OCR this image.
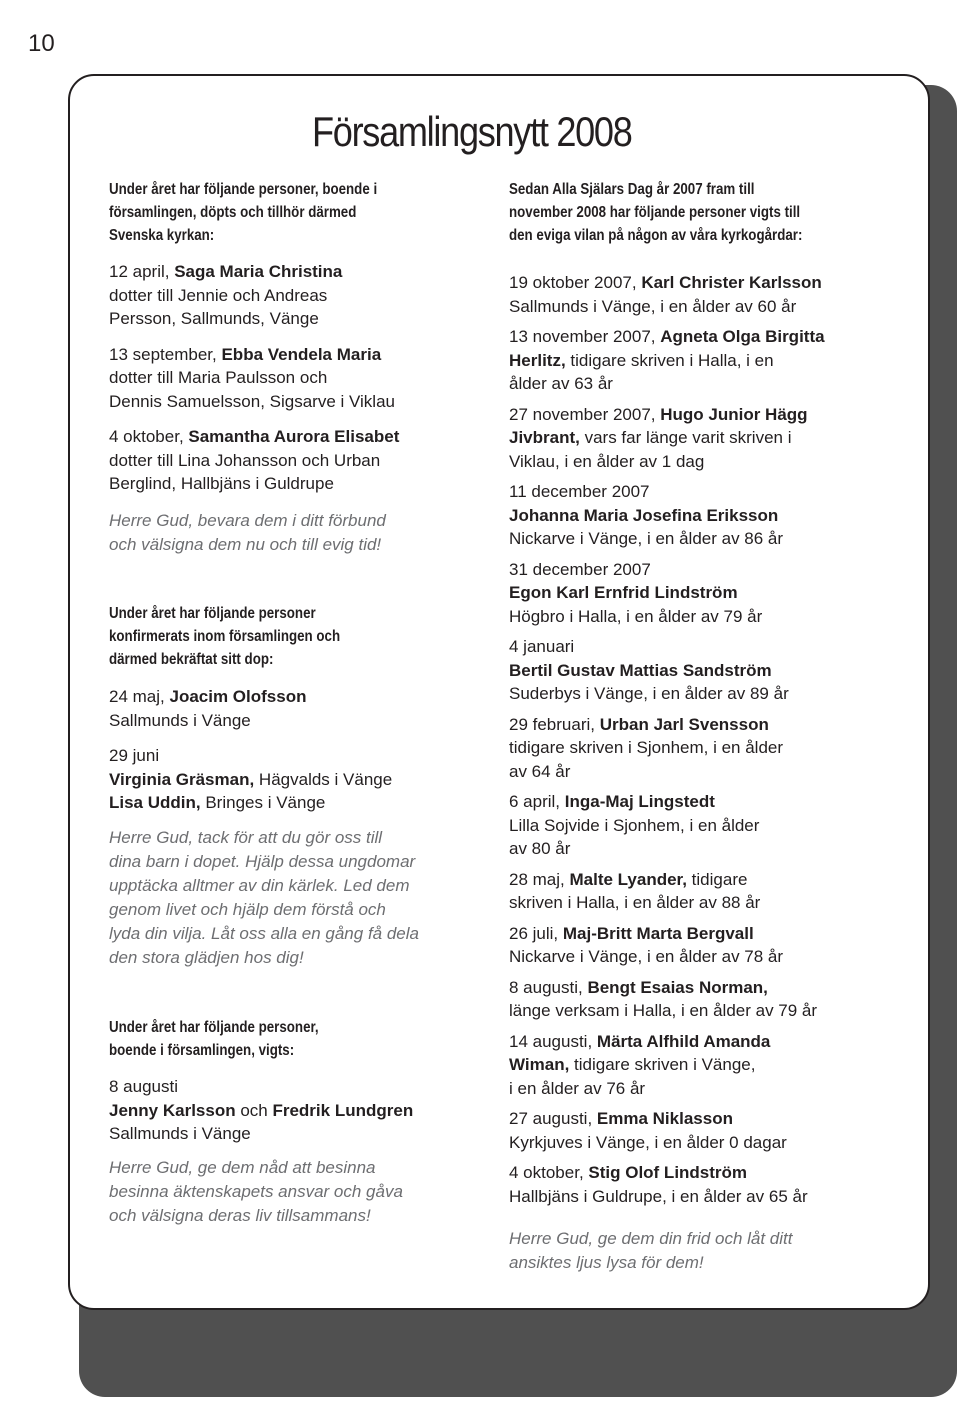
10
Församlingsnytt 2008
Under året har följande personer, boende i
församlingen, döpts och tillhör därmed
Svenska kyrkan:
12 april, Saga Maria Christina
dotter till Jennie och Andreas
Persson, Sallmunds, Vänge
13 september, Ebba Vendela Maria
dotter till Maria Paulsson och
Dennis Samuelsson, Sigsarve i Viklau
4 oktober, Samantha Aurora Elisabet
dotter till Lina Johansson och Urban
Berglind, Hallbjäns i Guldrupe
Herre Gud, bevara dem i ditt förbund
och välsigna dem nu och till evig tid!
Under året har följande personer
konfirmerats inom församlingen och
därmed bekräftat sitt dop:
24 maj, Joacim Olofsson
Sallmunds i Vänge
29 juni
Virginia Gräsman, Hägvalds i Vänge
Lisa Uddin, Bringes i Vänge
Herre Gud, tack för att du gör oss till
dina barn i dopet. Hjälp dessa ungdomar
upptäcka alltmer av din kärlek. Led dem
genom livet och hjälp dem förstå och
lyda din vilja. Låt oss alla en gång få dela
den stora glädjen hos dig!
Under året har följande personer,
boende i församlingen, vigts:
8 augusti
Jenny Karlsson och Fredrik Lundgren
Sallmunds i Vänge
Herre Gud, ge dem nåd att besinna
besinna äktenskapets ansvar och gåva
och välsigna deras liv tillsammans!
Sedan Alla Själars Dag år 2007 fram till
november 2008 har följande personer vigts till
den eviga vilan på någon av våra kyrkogårdar:
19 oktober 2007, Karl Christer Karlsson
Sallmunds i Vänge, i en ålder av 60 år
13 november 2007, Agneta Olga Birgitta
Herlitz, tidigare skriven i Halla, i en
ålder av 63 år
27 november 2007, Hugo Junior Hägg
Jivbrant, vars far länge varit skriven i
Viklau, i en ålder av 1 dag
11 december 2007
Johanna Maria Josefina Eriksson
Nickarve i Vänge, i en ålder av 86 år
31 december 2007
Egon Karl Ernfrid Lindström
Högbro i Halla, i en ålder av 79 år
4 januari
Bertil Gustav Mattias Sandström
Suderbys i Vänge, i en ålder av 89 år
29 februari, Urban Jarl Svensson
tidigare skriven i Sjonhem, i en ålder
av 64 år
6 april, Inga-Maj Lingstedt
Lilla Sojvide i Sjonhem, i en ålder
av 80 år
28 maj, Malte Lyander, tidigare
skriven i Halla, i en ålder av 88 år
26 juli, Maj-Britt Marta Bergvall
Nickarve i Vänge, i en ålder av 78 år
8 augusti, Bengt Esaias Norman,
länge verksam i Halla, i en ålder av 79 år
14 augusti, Märta Alfhild Amanda
Wiman, tidigare skriven i Vänge,
i en ålder av 76 år
27 augusti, Emma Niklasson
Kyrkjuves i Vänge, i en ålder 0 dagar
4 oktober, Stig Olof Lindström
Hallbjäns i Guldrupe, i en ålder av 65 år
Herre Gud, ge dem din frid och låt ditt
ansiktes ljus lysa för dem!
